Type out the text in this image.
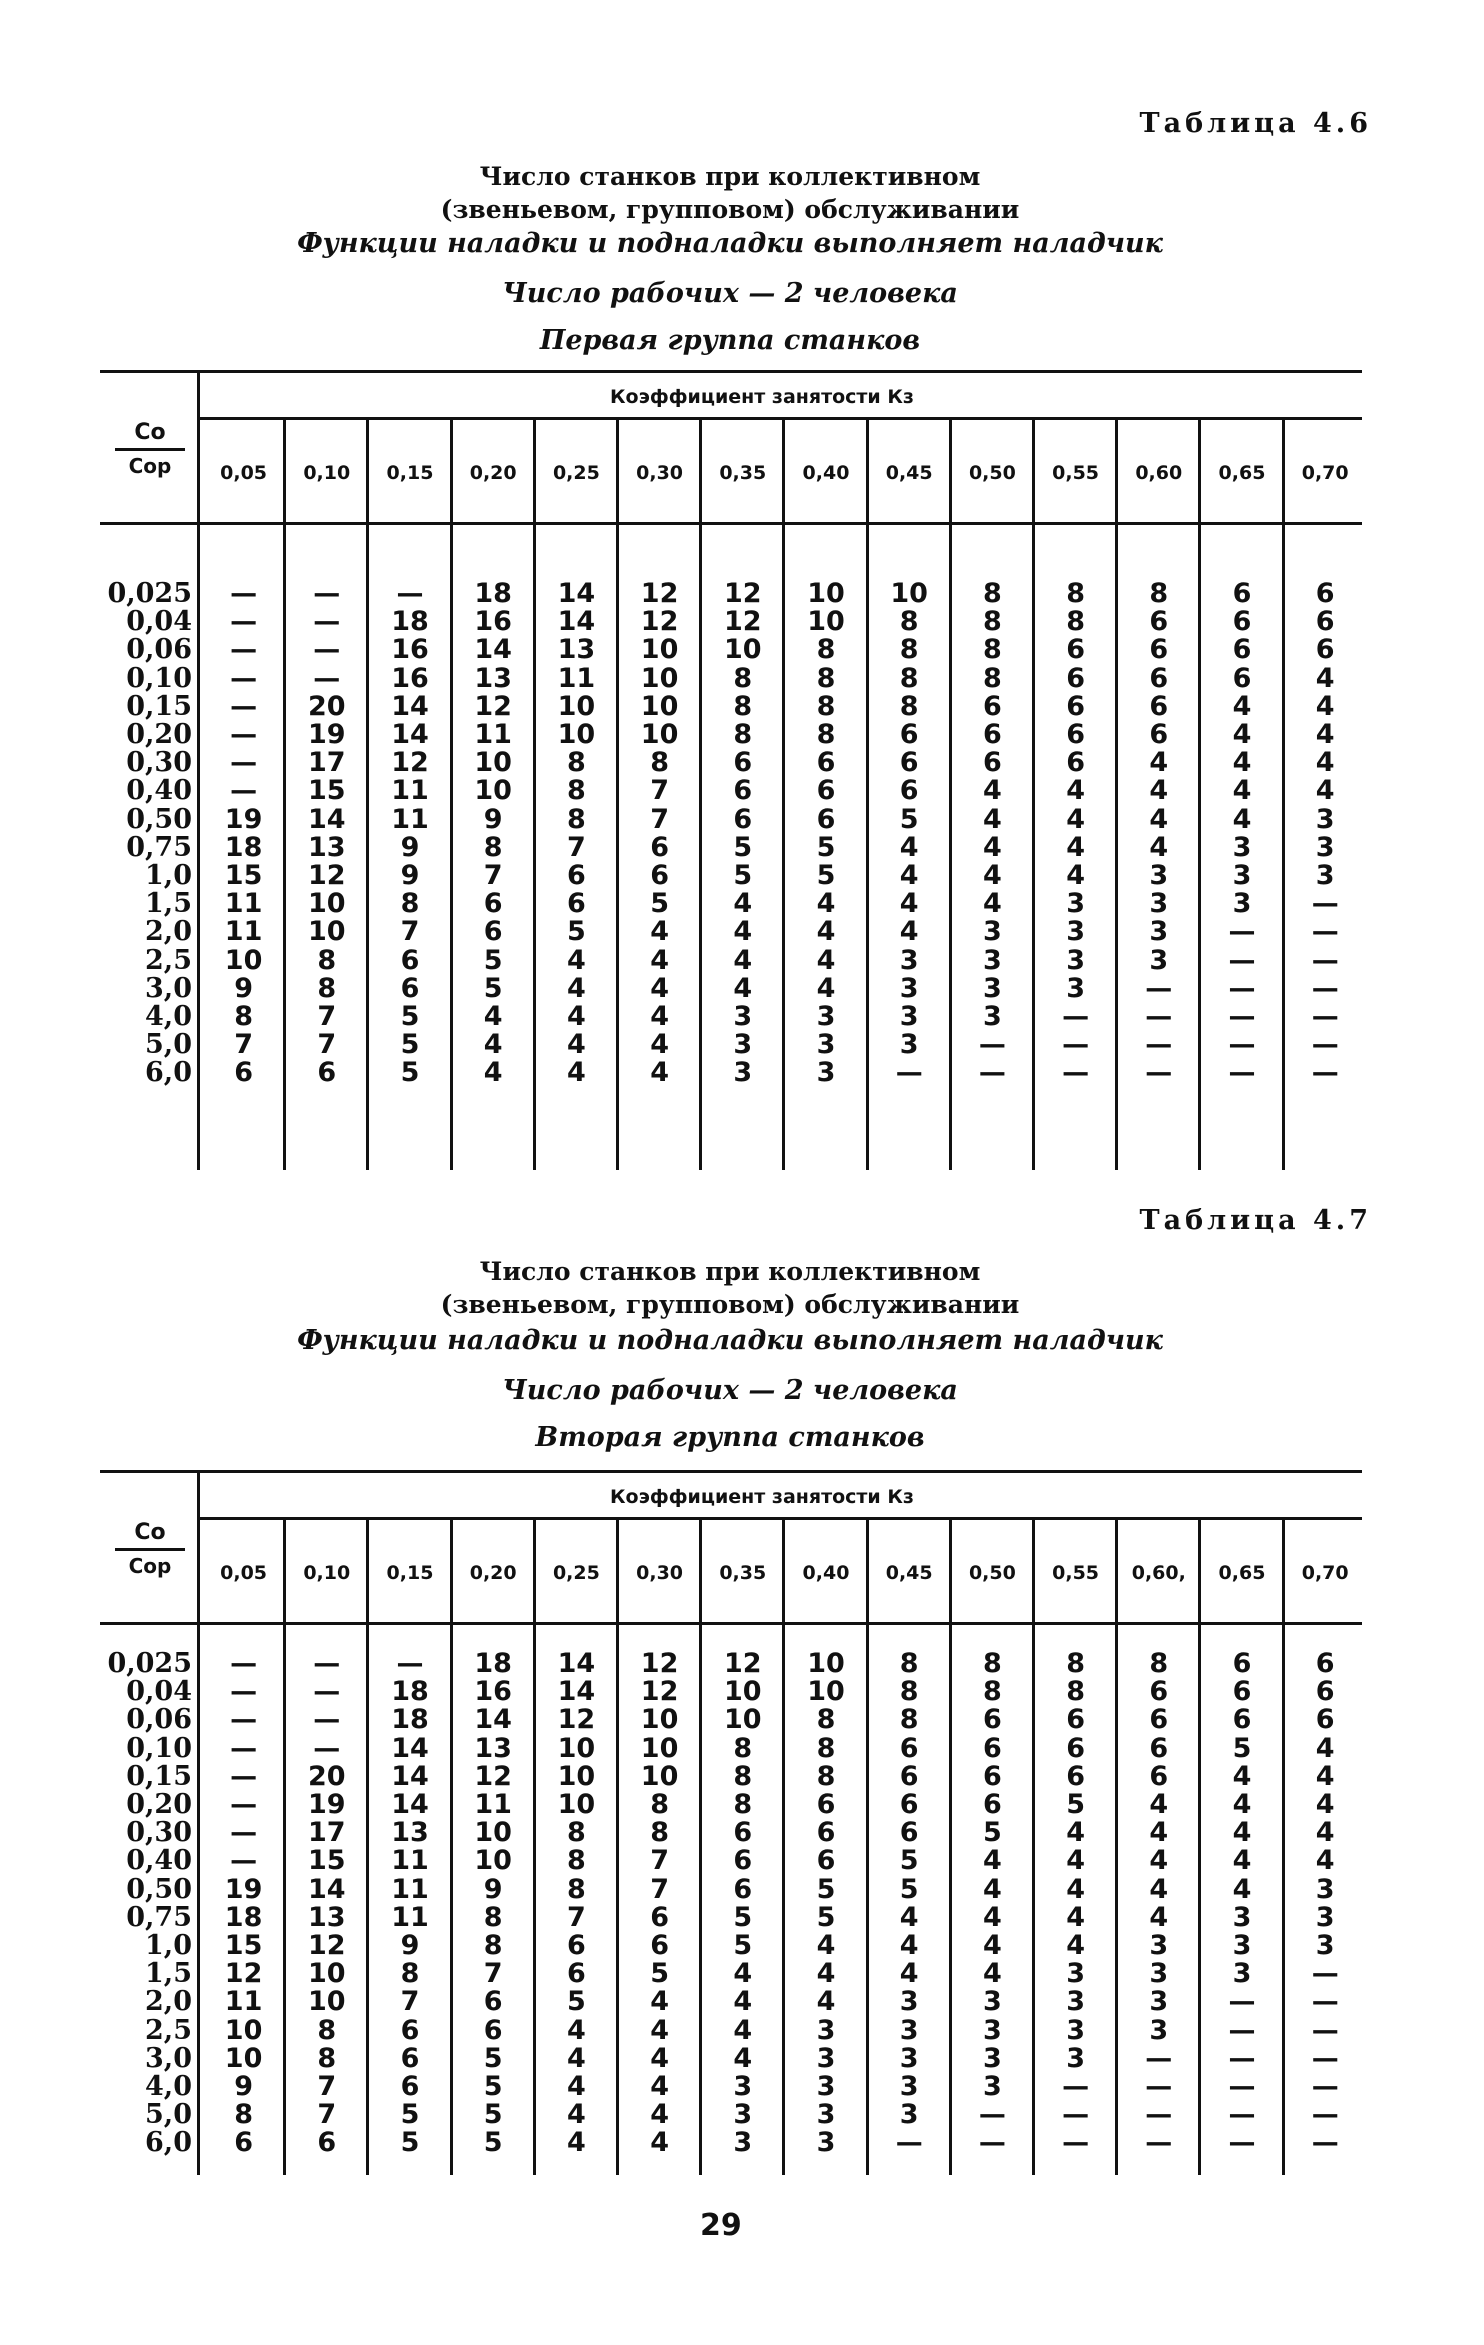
Таблица 4.6
Число станков при коллективном
(звеньевом, групповом) обслуживании
Функции наладки и подналадки выполняет наладчик
Число рабочих — 2 человека
Первая группа станков
Коэффициент занятости Кз
Co
Cop	0,05	0,10	0,15	0,20	0,25	0,30	0,35	0,40	0,45	0,50	0,55	0,60	0,65	0,70
0,025	—	—	—	18	14	12	12	10	10	8	8	8	6	6
0,04	—	—	18	16	14	12	12	10	8	8	8	6	6	6
0,06	—	—	16	14	13	10	10	8	8	8	6	6	6	6
0,10	—	—	16	13	11	10	8	8	8	8	6	6	6	4
0,15	—	20	14	12	10	10	8	8	8	6	6	6	4	4
0,20	—	19	14	11	10	10	8	8	6	6	6	6	4	4
0,30	—	17	12	10	8	8	6	6	6	6	6	4	4	4
0,40	—	15	11	10	8	7	6	6	6	4	4	4	4	4
0,50	19	14	11	9	8	7	6	6	5	4	4	4	4	3
0,75	18	13	9	8	7	6	5	5	4	4	4	4	3	3
1,0	15	12	9	7	6	6	5	5	4	4	4	3	3	3
1,5	11	10	8	6	6	5	4	4	4	4	3	3	3	—
2,0	11	10	7	6	5	4	4	4	4	3	3	3	—	—
2,5	10	8	6	5	4	4	4	4	3	3	3	3	—	—
3,0	9	8	6	5	4	4	4	4	3	3	3	—	—	—
4,0	8	7	5	4	4	4	3	3	3	3	—	—	—	—
5,0	7	7	5	4	4	4	3	3	3	—	—	—	—	—
6,0	6	6	5	4	4	4	3	3	—	—	—	—	—	—
Таблица 4.7
Число станков при коллективном
(звеньевом, групповом) обслуживании
Функции наладки и подналадки выполняет наладчик
Число рабочих — 2 человека
Вторая группа станков
Коэффициент занятости Кз
Co
Cop	0,05	0,10	0,15	0,20	0,25	0,30	0,35	0,40	0,45	0,50	0,55	0,60,	0,65	0,70
0,025	—	—	—	18	14	12	12	10	8	8	8	8	6	6
0,04	—	—	18	16	14	12	10	10	8	8	8	6	6	6
0,06	—	—	18	14	12	10	10	8	8	6	6	6	6	6
0,10	—	—	14	13	10	10	8	8	6	6	6	6	5	4
0,15	—	20	14	12	10	10	8	8	6	6	6	6	4	4
0,20	—	19	14	11	10	8	8	6	6	6	5	4	4	4
0,30	—	17	13	10	8	8	6	6	6	5	4	4	4	4
0,40	—	15	11	10	8	7	6	6	5	4	4	4	4	4
0,50	19	14	11	9	8	7	6	5	5	4	4	4	4	3
0,75	18	13	11	8	7	6	5	5	4	4	4	4	3	3
1,0	15	12	9	8	6	6	5	4	4	4	4	3	3	3
1,5	12	10	8	7	6	5	4	4	4	4	3	3	3	—
2,0	11	10	7	6	5	4	4	4	3	3	3	3	—	—
2,5	10	8	6	6	4	4	4	3	3	3	3	3	—	—
3,0	10	8	6	5	4	4	4	3	3	3	3	—	—	—
4,0	9	7	6	5	4	4	3	3	3	3	—	—	—	—
5,0	8	7	5	5	4	4	3	3	3	—	—	—	—	—
6,0	6	6	5	5	4	4	3	3	—	—	—	—	—	—
29
